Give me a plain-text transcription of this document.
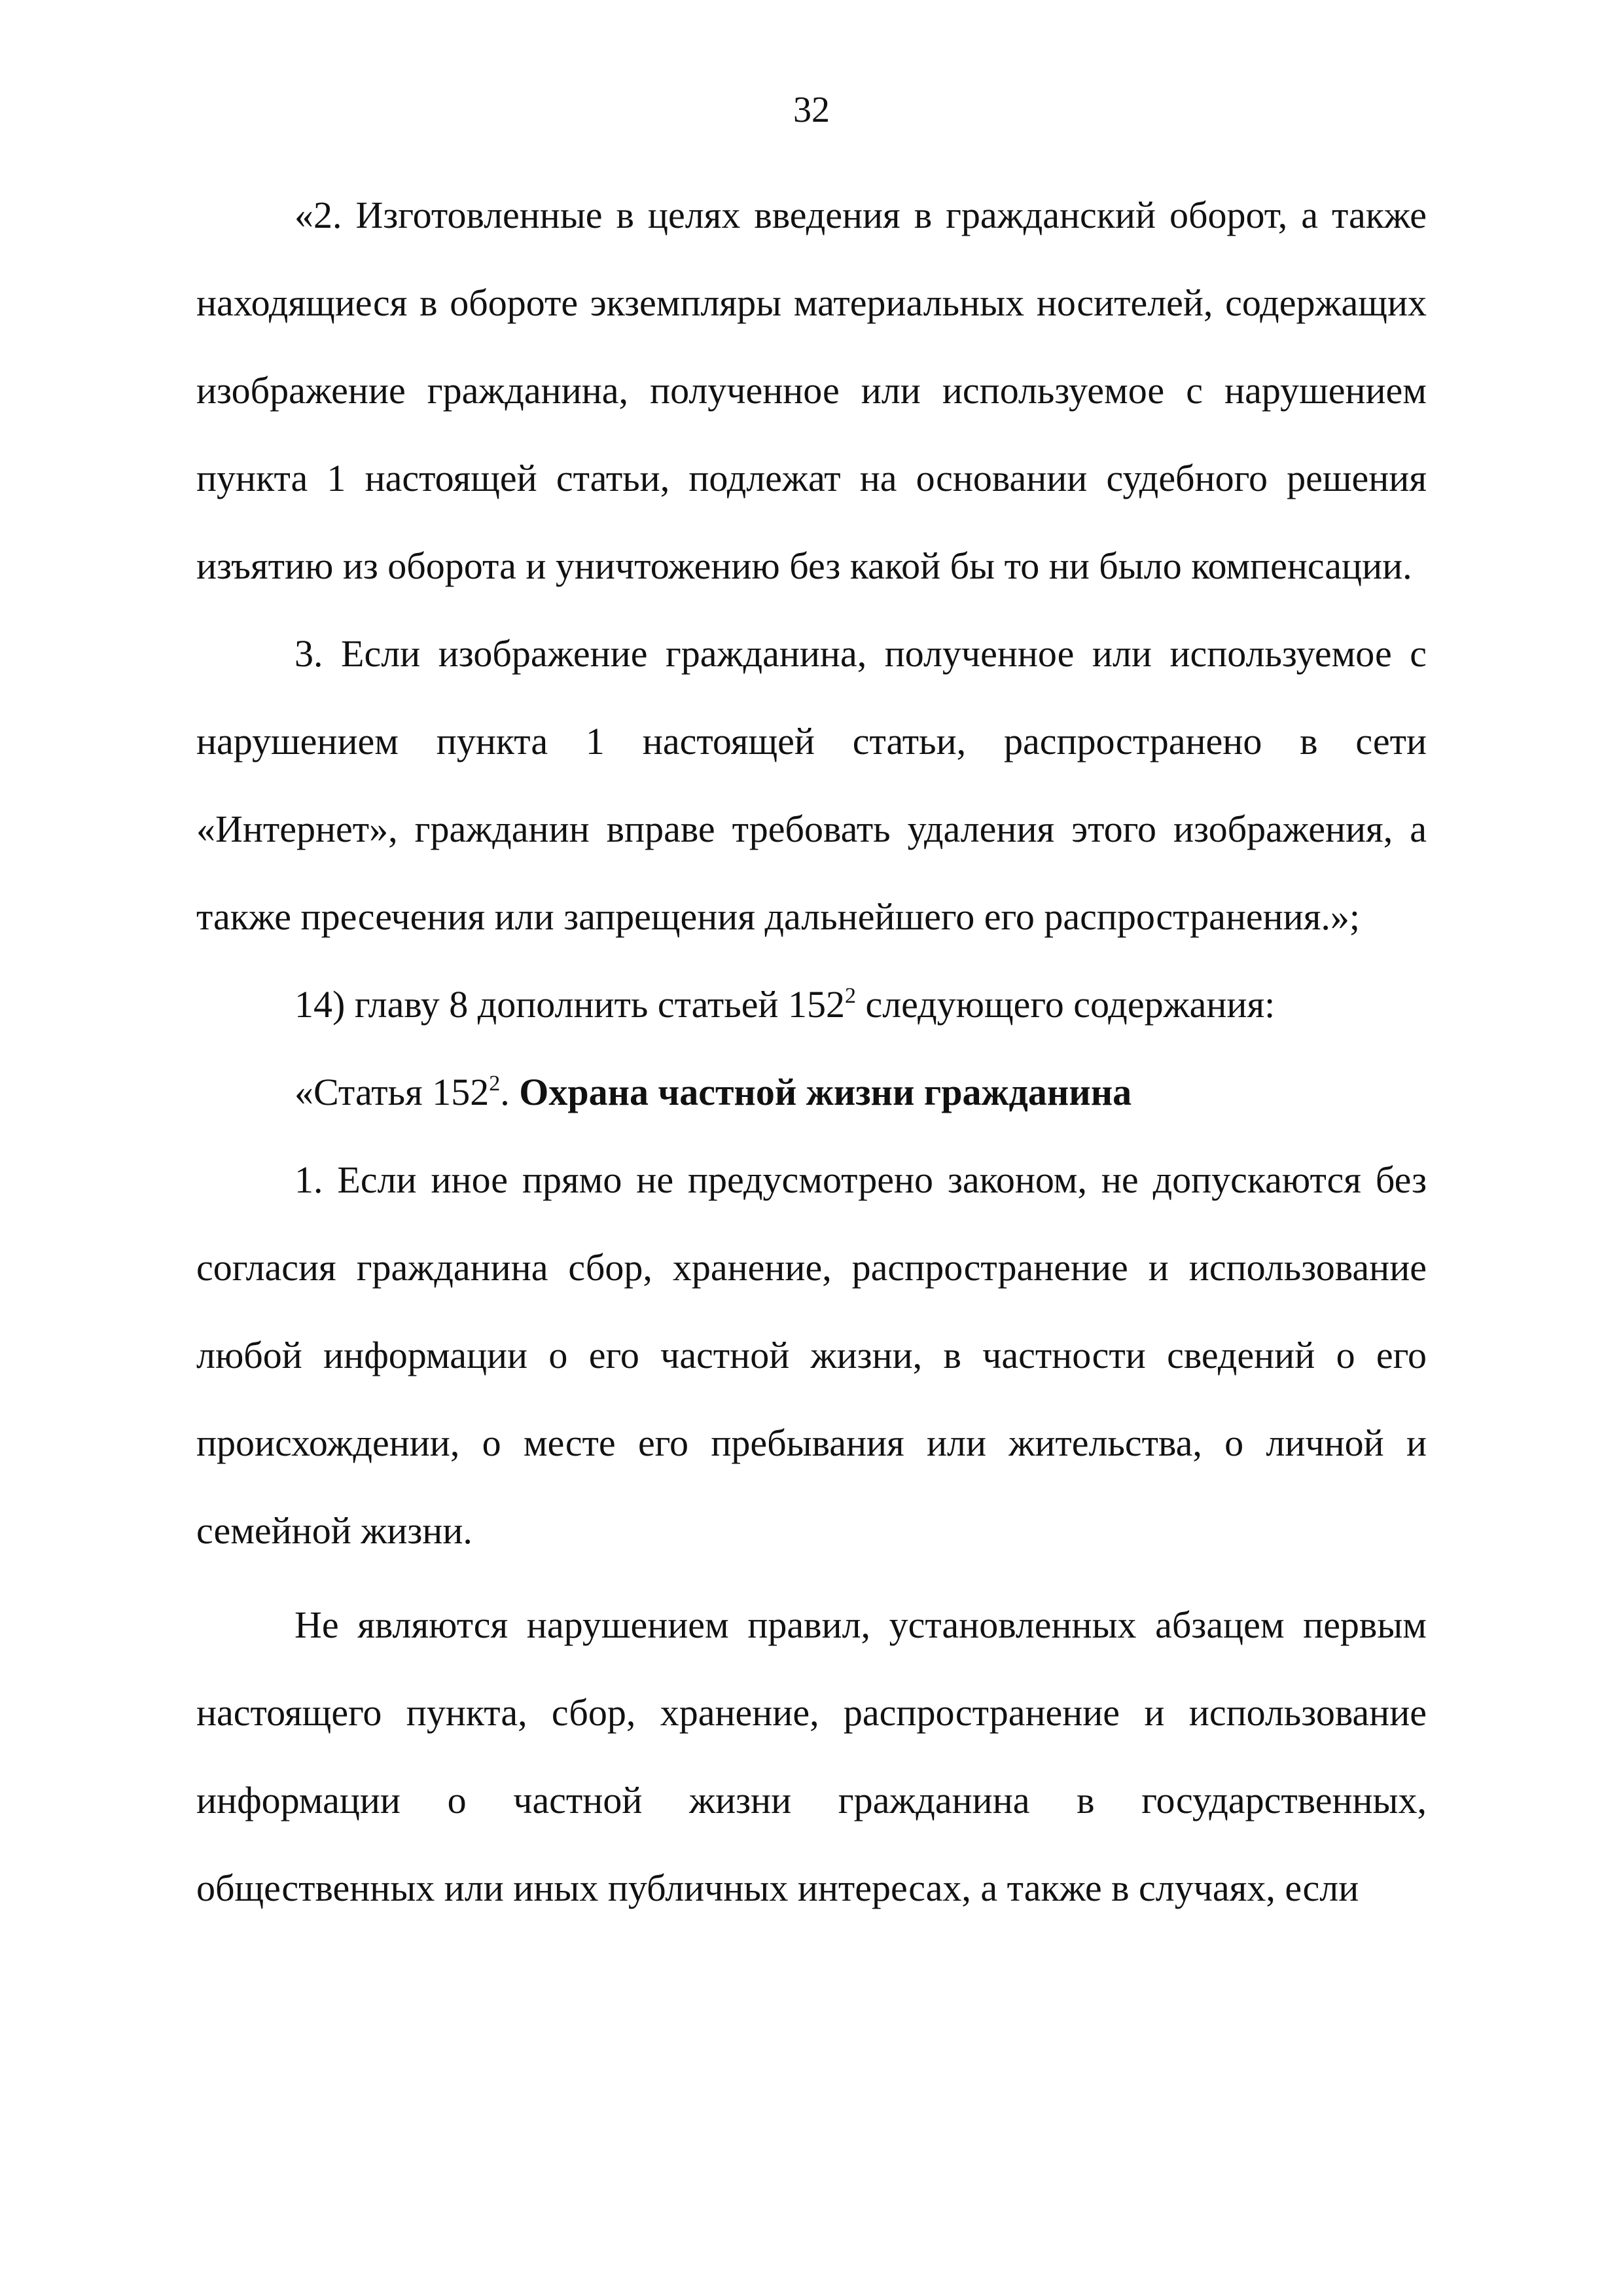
32

«2. Изготовленные в целях введения в гражданский оборот, а также находящиеся в обороте экземпляры материальных носителей, содержащих изображение гражданина, полученное или используемое с нарушением пункта 1 настоящей статьи, подлежат на основании судебного решения изъятию из оборота и уничтожению без какой бы то ни было компенсации.

3. Если изображение гражданина, полученное или используемое с нарушением пункта 1 настоящей статьи, распространено в сети «Интернет», гражданин вправе требовать удаления этого изображения, а также пресечения или запрещения дальнейшего его распространения.»;

14) главу 8 дополнить статьей $152^2$ следующего содержания:

«Статья $152^2$. Охрана частной жизни гражданина

1. Если иное прямо не предусмотрено законом, не допускаются без согласия гражданина сбор, хранение, распространение и использование любой информации о его частной жизни, в частности сведений о его происхождении, о месте его пребывания или жительства, о личной и семейной жизни.

Не являются нарушением правил, установленных абзацем первым настоящего пункта, сбор, хранение, распространение и использование информации о частной жизни гражданина в государственных, общественных или иных публичных интересах, а также в случаях, если
